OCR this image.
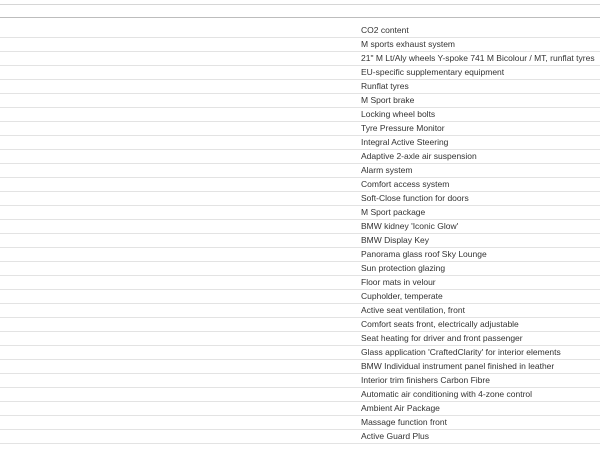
CO2 content
M sports exhaust system
21" M Lt/Aly wheels Y-spoke 741 M Bicolour / MT, runflat tyres
EU-specific supplementary equipment
Runflat tyres
M Sport brake
Locking wheel bolts
Tyre Pressure Monitor
Integral Active Steering
Adaptive 2-axle air suspension
Alarm system
Comfort access system
Soft-Close function for doors
M Sport package
BMW kidney 'Iconic Glow'
BMW Display Key
Panorama glass roof Sky Lounge
Sun protection glazing
Floor mats in velour
Cupholder, temperate
Active seat ventilation, front
Comfort seats front, electrically adjustable
Seat heating for driver and front passenger
Glass application 'CraftedClarity' for interior elements
BMW Individual instrument panel finished in leather
Interior trim finishers Carbon Fibre
Automatic air conditioning with 4-zone control
Ambient Air Package
Massage function front
Active Guard Plus
